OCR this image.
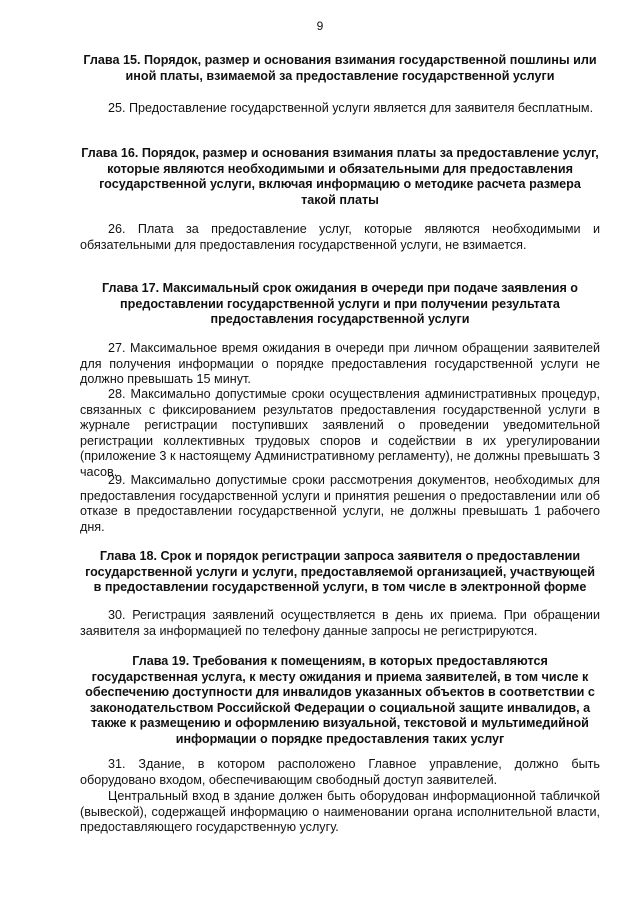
9
Глава 15. Порядок, размер и основания взимания государственной пошлины или иной платы, взимаемой за предоставление государственной услуги
25. Предоставление государственной услуги является для заявителя бесплатным.
Глава 16. Порядок, размер и основания взимания платы за предоставление услуг, которые являются необходимыми и обязательными для предоставления государственной услуги, включая информацию о методике расчета размера такой платы
26. Плата за предоставление услуг, которые являются необходимыми и обязательными для предоставления государственной услуги, не взимается.
Глава 17. Максимальный срок ожидания в очереди при подаче заявления о предоставлении государственной услуги и при получении результата предоставления государственной услуги
27. Максимальное время ожидания в очереди при личном обращении заявителей для получения информации о порядке предоставления государственной услуги не должно превышать 15 минут.
28. Максимально допустимые сроки осуществления административных процедур, связанных с фиксированием результатов предоставления государственной услуги в журнале регистрации поступивших заявлений о проведении уведомительной регистрации коллективных трудовых споров и содействии в их урегулировании (приложение 3 к настоящему Административному регламенту), не должны превышать 3 часов.
29. Максимально допустимые сроки рассмотрения документов, необходимых для предоставления государственной услуги и принятия решения о предоставлении или об отказе в предоставлении государственной услуги, не должны превышать 1 рабочего дня.
Глава 18. Срок и порядок регистрации запроса заявителя о предоставлении государственной услуги и услуги, предоставляемой организацией, участвующей в предоставлении государственной услуги, в том числе в электронной форме
30. Регистрация заявлений осуществляется в день их приема. При обращении заявителя за информацией по телефону данные запросы не регистрируются.
Глава 19. Требования к помещениям, в которых предоставляются государственная услуга, к месту ожидания и приема заявителей, в том числе к обеспечению доступности для инвалидов указанных объектов в соответствии с законодательством Российской Федерации о социальной защите инвалидов, а также к размещению и оформлению визуальной, текстовой и мультимедийной информации о порядке предоставления таких услуг
31. Здание, в котором расположено Главное управление, должно быть оборудовано входом, обеспечивающим свободный доступ заявителей.
Центральный вход в здание должен быть оборудован информационной табличкой (вывеской), содержащей информацию о наименовании органа исполнительной власти, предоставляющего государственную услугу.
